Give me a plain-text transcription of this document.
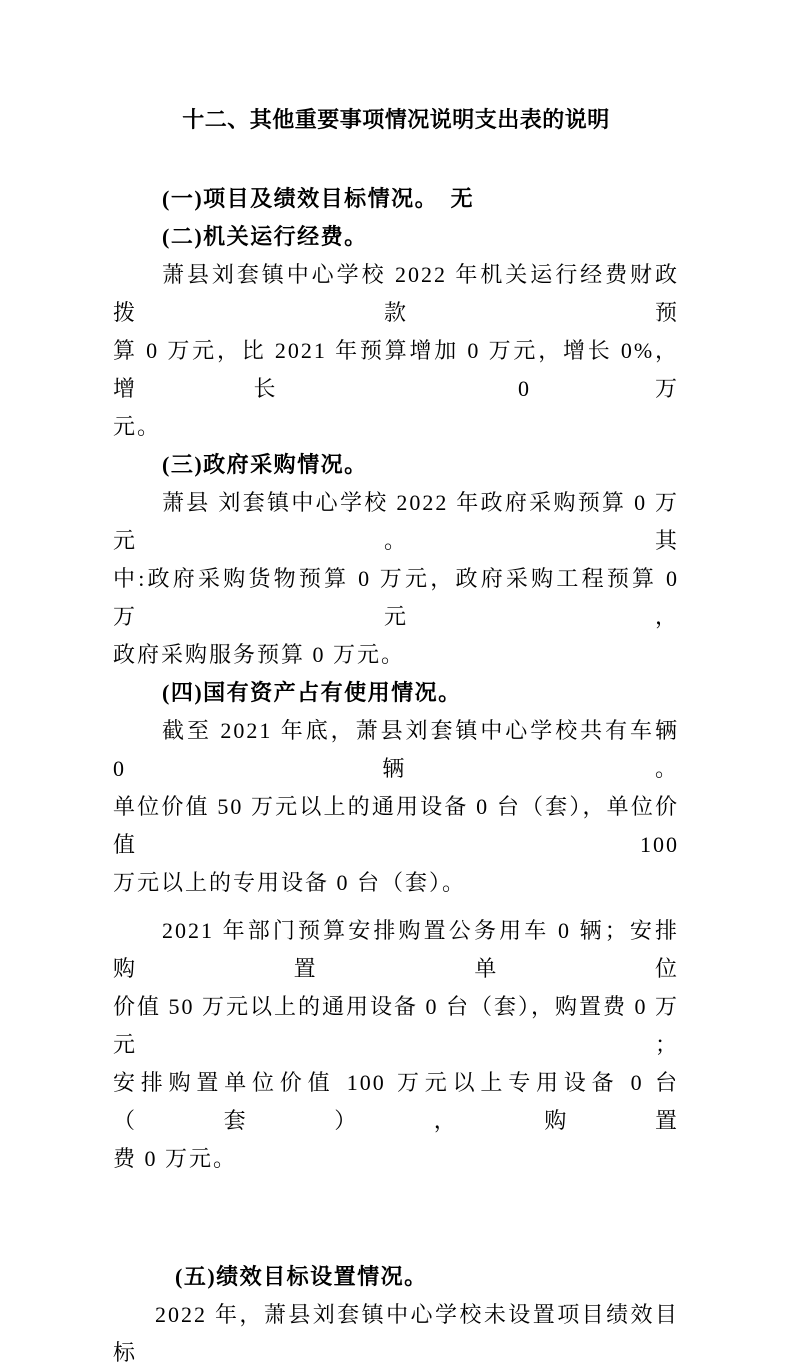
十二、其他重要事项情况说明支出表的说明
(一)项目及绩效目标情况。　无
(二)机关运行经费。
萧县刘套镇中心学校 2022 年机关运行经费财政拨款预
算 0 万元，比 2021 年预算增加 0 万元，增长 0%，增长 0 万
元。
(三)政府采购情况。
萧县 刘套镇中心学校 2022 年政府采购预算 0 万元。其
中:政府采购货物预算 0 万元，政府采购工程预算 0 万元，
政府采购服务预算 0 万元。
(四)国有资产占有使用情况。
截至 2021 年底，萧县刘套镇中心学校共有车辆 0 辆。
单位价值 50 万元以上的通用设备 0 台（套），单位价值 100
万元以上的专用设备 0 台（套）。
2021 年部门预算安排购置公务用车 0 辆；安排购置单位
价值 50 万元以上的通用设备 0 台（套），购置费 0 万元；
安排购置单位价值 100 万元以上专用设备 0 台（套），购置
费 0 万元。
(五)绩效目标设置情况。
2022 年，萧县刘套镇中心学校未设置项目绩效目标
